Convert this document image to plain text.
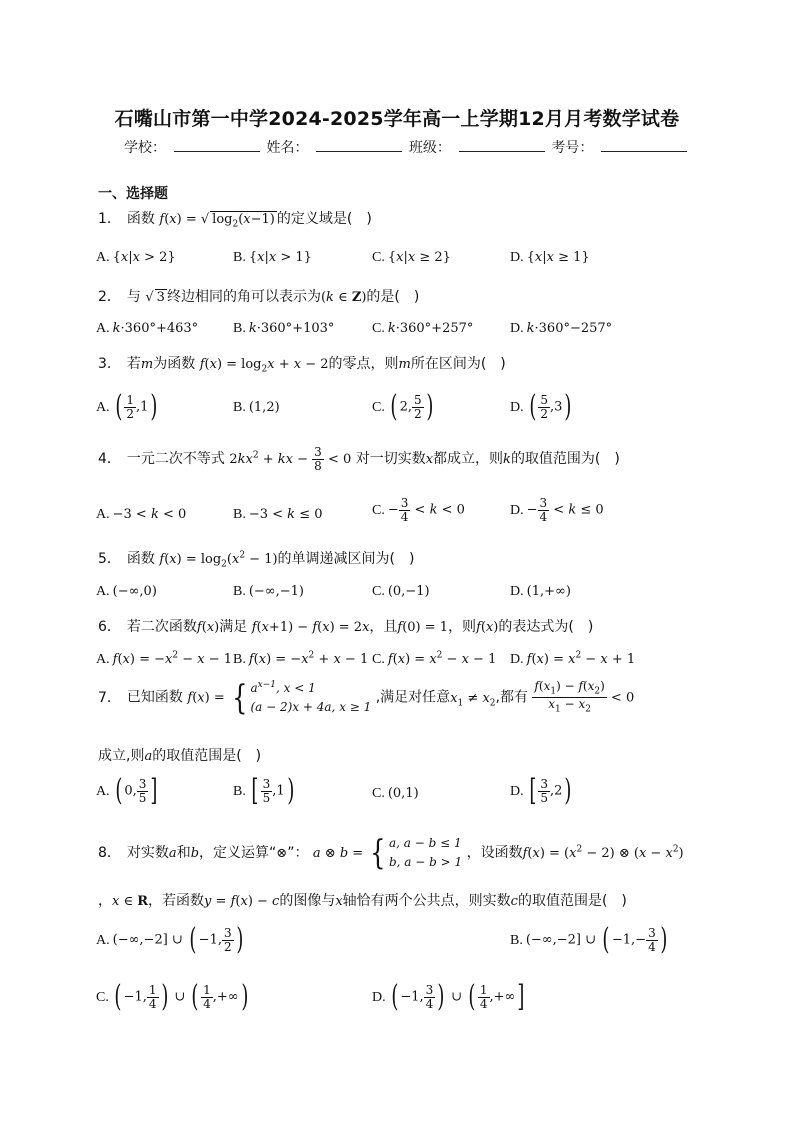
石嘴山市第一中学2024-2025学年高一上学期12月月考数学试卷
学校：	姓名：	班级：	考号：
一、选择题
1． 函数 f(x) = √ $\log_2(x-1)$ 的定义域是(　)
A. {x|x > 2}	B. {x|x > 1}	C. {x|x ≥ 2}	D. {x|x ≥ 1}
2． 与 √ 3 终边相同的角可以表示为(k ∈ Z)的是(　)
A. k·360°+463° B. k·360°+103°	C. k·360°+257°	D. k·360°−257°
3． 若m为函数 $f(x) = \log_2x + x - 2$的零点，则m所在区间为(　)
A. ( $\frac{1}{2} ,1$)	B. (1,2)	C. ( 2, $\frac{5}{2}$ )	D. ( $\frac{5}{2} ,3$)
4． 一元二次不等式 $2kx^2$ + kx − $\frac{3}{8} < 0$ 对一切实数x都成立，则k的取值范围为(　)
A. −3 < k < 0	B. −3 < k ≤ 0	C. − $\frac{3}{4} < k < 0$	D. − $\frac{3}{4} < k \le 0$
5． 函数 $f(x) = \log_2(x^2 - 1)$的单调递减区间为(　)
A. (−∞,0)	B. (−∞,−1)	C. (0,−1)	D. (1,+∞)
6． 若二次函数f(x)满足 f(x+1) − f(x) = 2x，且f(0) = 1，则f(x)的表达式为(　)
A. $f(x) = -x^2 - x - 1$ B. $f(x) = -x^2 + x - 1$ C. $f(x) = x^2 - x - 1$ D. $f(x) = x^2 - x + 1$
7． 已知函数 f(x) = { $a^{x-1}$, x < 1
(a − 2)x + 4a, x ≥ 1
,满足对任意$x_1 \ne x_2$,都有 $\frac{f(x_1) - f(x_2)}{x_1 - x_2} < 0$
成立,则a的取值范围是(　)
A. ( 0, $\frac{3}{5}$ ]	B. [ $\frac{3}{5} ,1$)	C. (0,1)	D. [ $\frac{3}{5} ,2$)
8． 对实数a和b，定义运算“⊗”： a ⊗ b = { a, a − b ≤ 1
b, a − b > 1
，设函数$f(x) = (x^2 - 2)$ ⊗ $(x - x^2)$
，x ∈ R，若函数y = f(x) − c的图像与x轴恰有两个公共点，则实数c的取值范围是(　)
A. (−∞,−2] ∪ ( −1, $\frac{3}{2}$ )	B. (−∞,−2] ∪ ( $-1,- \frac{3}{4}$ )
C. ( −1, $\frac{1}{4}$ ) ∪ ( $\frac{1}{4}$ ,+∞)	D. ( −1, $\frac{3}{4}$ ) ∪ ( $\frac{1}{4}$ ,+∞]
